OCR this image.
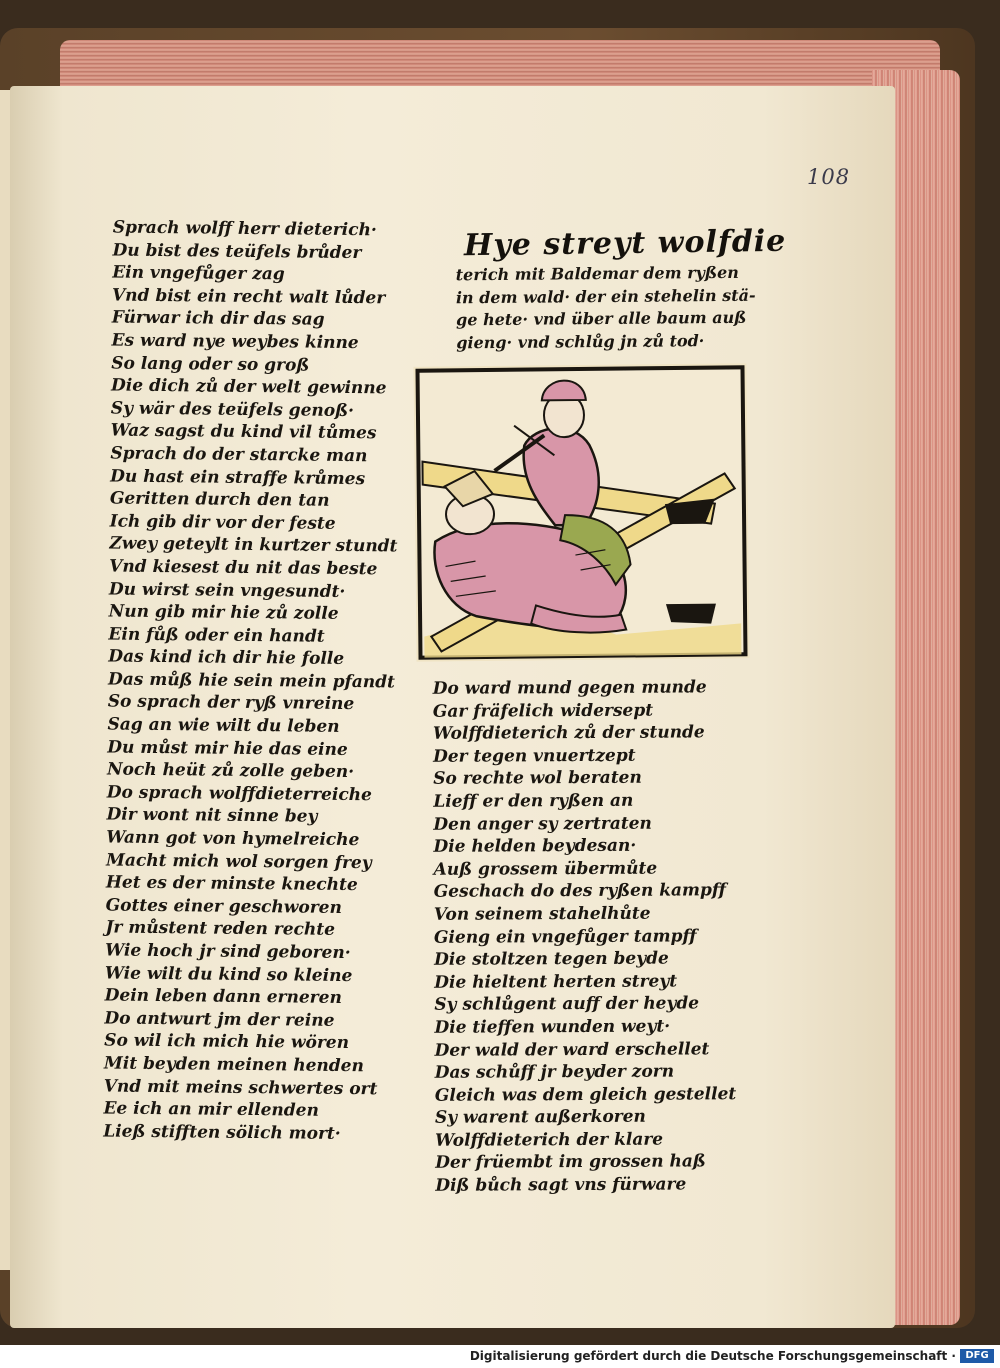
108
Sprach wolff herr dieterich·
Du bist des teüfels brůder
Ein vngefůger zag
Vnd bist ein recht walt lůder
Fürwar ich dir das sag
Es ward nye weybes kinne
So lang oder so groß
Die dich zů der welt gewinne
Sy wär des teüfels genoß·
Waz sagst du kind vil tůmes
Sprach do der starcke man
Du hast ein straffe krůmes
Geritten durch den tan
Ich gib dir vor der feste
Zwey geteylt in kurtzer stundt
Vnd kiesest du nit das beste
Du wirst sein vngesundt·
Nun gib mir hie zů zolle
Ein fůß oder ein handt
Das kind ich dir hie folle
Das můß hie sein mein pfandt
So sprach der ryß vnreine
Sag an wie wilt du leben
Du můst mir hie das eine
Noch heüt zů zolle geben·
Do sprach wolffdieterreiche
Dir wont nit sinne bey
Wann got von hymelreiche
Macht mich wol sorgen frey
Het es der minste knechte
Gottes einer geschworen
Jr můstent reden rechte
Wie hoch jr sind geboren·
Wie wilt du kind so kleine
Dein leben dann erneren
Do antwurt jm der reine
So wil ich mich hie wören
Mit beyden meinen henden
Vnd mit meins schwertes ort
Ee ich an mir ellenden
Ließ stifften sölich mort·
Hye streyt wolfdie
terich mit Baldemar dem ryßen
in dem wald· der ein stehelin stä-
ge hete· vnd über alle baum auß
gieng· vnd schlůg jn zů tod·
Do ward mund gegen munde
Gar fräfelich widersept
Wolffdieterich zů der stunde
Der tegen vnuertzept
So rechte wol beraten
Lieff er den ryßen an
Den anger sy zertraten
Die helden beydesan·
Auß grossem übermůte
Geschach do des ryßen kampff
Von seinem stahelhůte
Gieng ein vngefůger tampff
Die stoltzen tegen beyde
Die hieltent herten streyt
Sy schlůgent auff der heyde
Die tieffen wunden weyt·
Der wald der ward erschellet
Das schůff jr beyder zorn
Gleich was dem gleich gestellet
Sy warent außerkoren
Wolffdieterich der klare
Der früembt im grossen haß
Diß bůch sagt vns fürware
Digitalisierung gefördert durch die Deutsche Forschungsgemeinschaft · DFG
